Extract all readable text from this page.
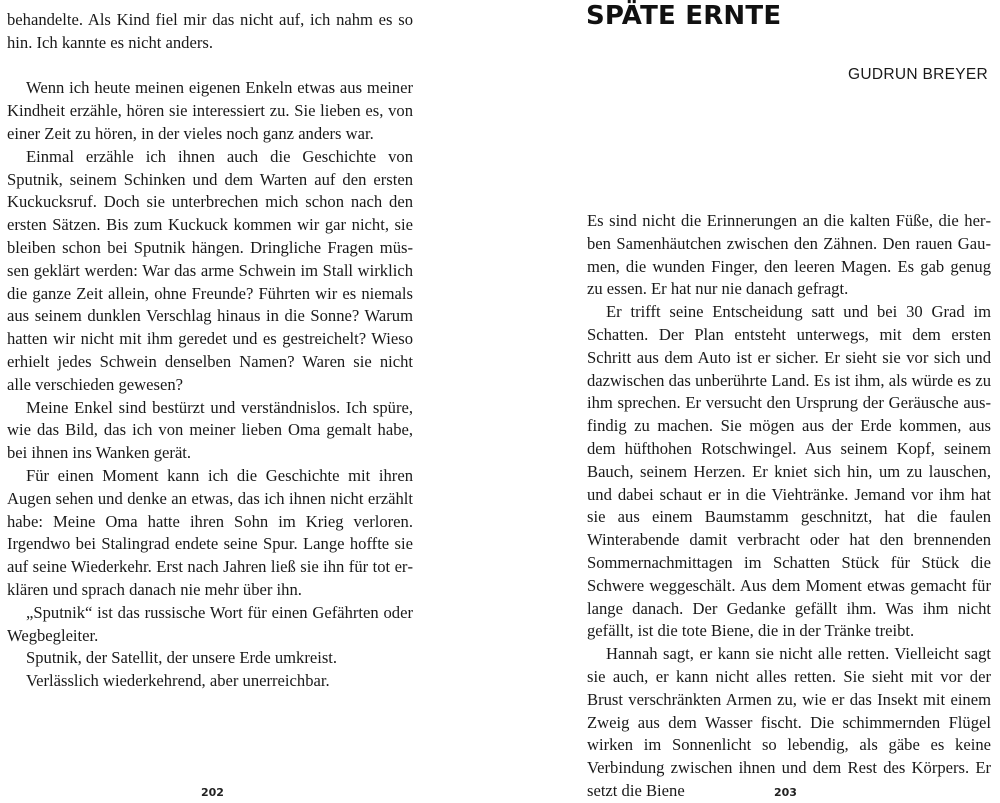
behandelte. Als Kind fiel mir das nicht auf, ich nahm es so hin. Ich kannte es nicht anders.

Wenn ich heute meinen eigenen Enkeln etwas aus meiner Kindheit erzähle, hören sie interessiert zu. Sie lieben es, von einer Zeit zu hören, in der vieles noch ganz anders war.

Einmal erzähle ich ihnen auch die Geschichte von Sputnik, seinem Schinken und dem Warten auf den ersten Kuckucksruf. Doch sie unterbrechen mich schon nach den ersten Sätzen. Bis zum Kuckuck kommen wir gar nicht, sie bleiben schon bei Sputnik hängen. Dringliche Fragen müssen geklärt werden: War das arme Schwein im Stall wirklich die ganze Zeit allein, ohne Freunde? Führten wir es niemals aus seinem dunklen Verschlag hinaus in die Sonne? Warum hatten wir nicht mit ihm geredet und es gestreichelt? Wieso erhielt jedes Schwein denselben Namen? Waren sie nicht alle verschieden gewesen?

Meine Enkel sind bestürzt und verständnislos. Ich spüre, wie das Bild, das ich von meiner lieben Oma gemalt habe, bei ihnen ins Wanken gerät.

Für einen Moment kann ich die Geschichte mit ihren Augen sehen und denke an etwas, das ich ihnen nicht erzählt habe: Meine Oma hatte ihren Sohn im Krieg verloren. Irgendwo bei Stalingrad endete seine Spur. Lange hoffte sie auf seine Wiederkehr. Erst nach Jahren ließ sie ihn für tot erklären und sprach danach nie mehr über ihn.

„Sputnik“ ist das russische Wort für einen Gefährten oder Wegbegleiter.

Sputnik, der Satellit, der unsere Erde umkreist.

Verlässlich wiederkehrend, aber unerreichbar.

202
SPÄTE ERNTE
GUDRUN BREYER

Es sind nicht die Erinnerungen an die kalten Füße, die herben Samenhäutchen zwischen den Zähnen. Den rauen Gaumen, die wunden Finger, den leeren Magen. Es gab genug zu essen. Er hat nur nie danach gefragt.

Er trifft seine Entscheidung satt und bei 30 Grad im Schatten. Der Plan entsteht unterwegs, mit dem ersten Schritt aus dem Auto ist er sicher. Er sieht sie vor sich und dazwischen das unberührte Land. Es ist ihm, als würde es zu ihm sprechen. Er versucht den Ursprung der Geräusche ausfindig zu machen. Sie mögen aus der Erde kommen, aus dem hüfthohen Rotschwingel. Aus seinem Kopf, seinem Bauch, seinem Herzen. Er kniet sich hin, um zu lauschen, und dabei schaut er in die Viehtränke. Jemand vor ihm hat sie aus einem Baumstamm geschnitzt, hat die faulen Winterabende damit verbracht oder hat den brennenden Sommernachmittagen im Schatten Stück für Stück die Schwere weggeschält. Aus dem Moment etwas gemacht für lange danach. Der Gedanke gefällt ihm. Was ihm nicht gefällt, ist die tote Biene, die in der Tränke treibt.

Hannah sagt, er kann sie nicht alle retten. Vielleicht sagt sie auch, er kann nicht alles retten. Sie sieht mit vor der Brust verschränkten Armen zu, wie er das Insekt mit einem Zweig aus dem Wasser fischt. Die schimmernden Flügel wirken im Sonnenlicht so lebendig, als gäbe es keine Verbindung zwischen ihnen und dem Rest des Körpers. Er setzt die Biene	203
